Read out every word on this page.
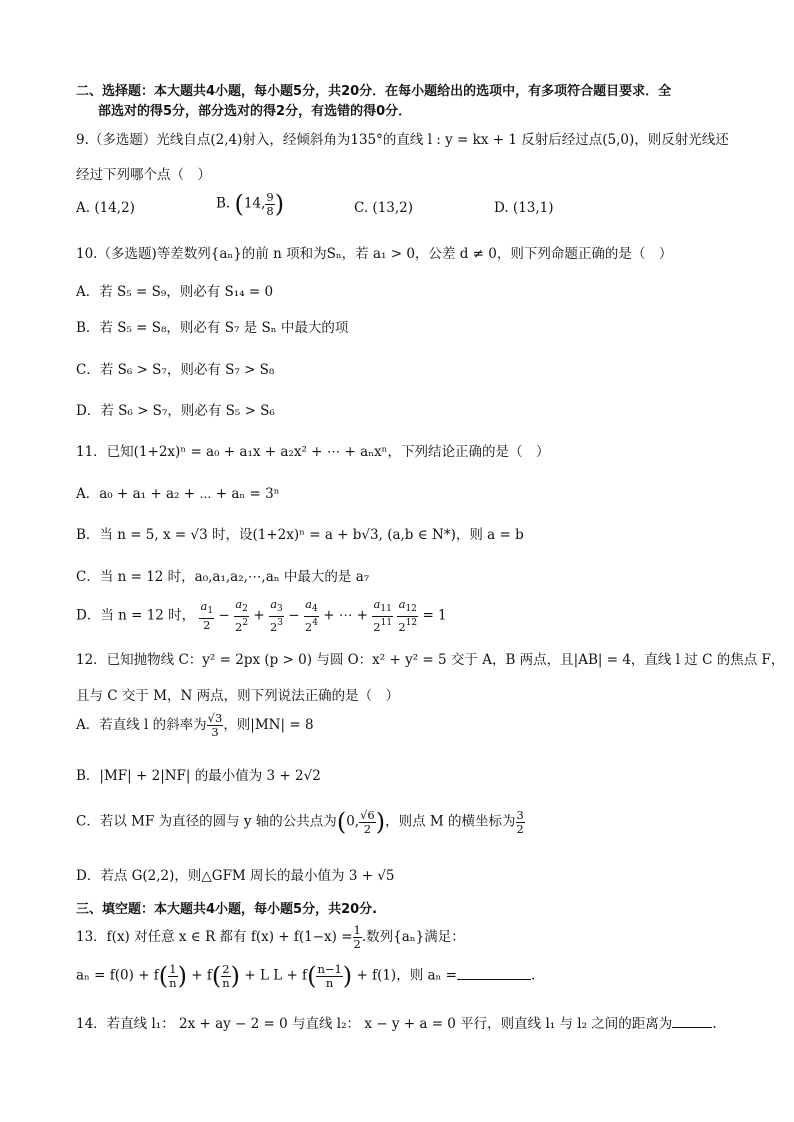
二、选择题：本大题共4小题，每小题5分，共20分．在每小题给出的选项中，有多项符合题目要求．全
部选对的得5分，部分选对的得2分，有选错的得0分．
9.（多选题）光线自点(2,4)射入，经倾斜角为135°的直线 l : y = kx + 1 反射后经过点(5,0)，则反射光线还
经过下列哪个点（　）
A. (14,2)	B. (14, $\frac{9}{8}$ )	C. (13,2)	D. (13,1)
10.（多选题)等差数列{aₙ}的前 n 项和为Sₙ，若 a₁ > 0，公差 d ≠ 0，则下列命题正确的是（　）
A．若 S₅ = S₉，则必有 S₁₄ = 0
B．若 S₅ = S₈，则必有 S₇ 是 Sₙ 中最大的项
C．若 S₆ > S₇，则必有 S₇ > S₈
D．若 S₆ > S₇，则必有 S₅ > S₆
11．已知(1+2x)ⁿ = a₀ + a₁x + a₂x² + ⋯ + aₙxⁿ，下列结论正确的是（　）
A．a₀ + a₁ + a₂ + ⋯ + aₙ = 3ⁿ
B．当 n = 5, x = √3 时，设(1+2x)ⁿ = a + b√3, (a,b ∈ N*)，则 a = b
C．当 n = 12 时，a₀,a₁,a₂,⋯,aₙ 中最大的是 a₇
D．当 n = 12 时， $\frac{a_1}{2} - \frac{a_2}{2^2} + \frac{a_3}{2^3} - \frac{a_4}{2^4}$ + ⋯ + $\frac{a_{11}}{2^{11}}$
$\frac{a_{12}}{2^{12}} = 1$
12．已知抛物线 C：y² = 2px (p > 0) 与圆 O：x² + y² = 5 交于 A，B 两点，且|AB| = 4，直线 l 过 C 的焦点 F，
且与 C 交于 M，N 两点，则下列说法正确的是（　）
A．若直线 l 的斜率为 $\frac{√3}{3}$ ，则|MN| = 8
B．|MF| + 2|NF| 的最小值为 3 + 2√2
C．若以 MF 为直径的圆与 y 轴的公共点为(0, $\frac{√6}{2}$ )，则点 M 的横坐标为 $\frac{3}{2}$
D．若点 G(2,2)，则△GFM 周长的最小值为 3 + √5
三、填空题：本大题共4小题，每小题5分，共20分.
13．f(x) 对任意 x ∈ R 都有 $f(x) + f(1-x) = \frac{1}{2}$ .数列{aₙ}满足：
$a_n = f(0) + f( \frac{1}{n}$ ) + $f( \frac{2}{n}$ ) + L $L + f( \frac{n-1}{n}$ ) + f(1)，则 aₙ =	.
14．若直线 l₁： 2x + ay − 2 = 0 与直线 l₂： x − y + a = 0 平行，则直线 l₁ 与 l₂ 之间的距离为	.
